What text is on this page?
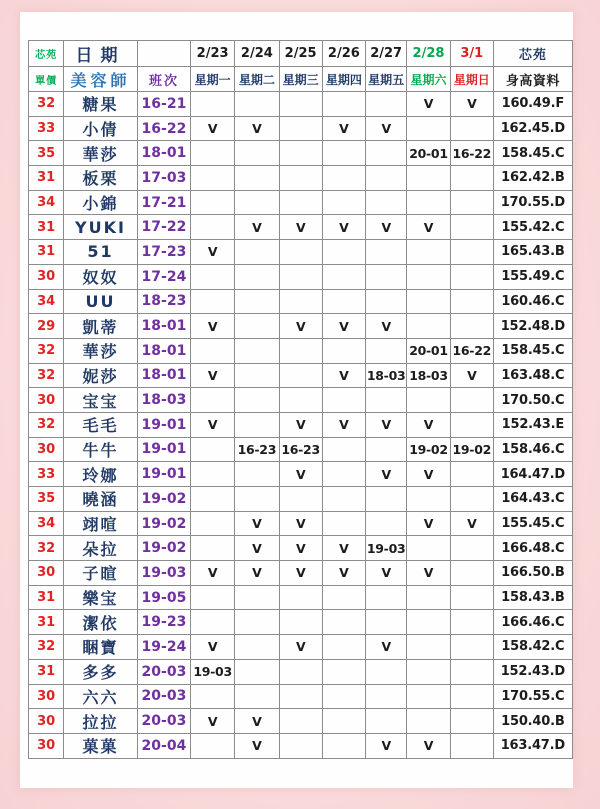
芯苑	日期		2/23	2/24	2/25	2/26	2/27	2/28	3/1	芯苑
單價	美容師	班次	星期一	星期二	星期三	星期四	星期五	星期六	星期日	身高資料
32	糖果	16-21						V	V	160.49.F
33	小倩	16-22	V	V		V	V			162.45.D
35	華莎	18-01						20-01	16-22	158.45.C
31	板栗	17-03								162.42.B
34	小錦	17-21								170.55.D
31	YUKI	17-22		V	V	V	V	V		155.42.C
31	51	17-23	V							165.43.B
30	奴奴	17-24								155.49.C
34	UU	18-23								160.46.C
29	凱蒂	18-01	V		V	V	V			152.48.D
32	華莎	18-01						20-01	16-22	158.45.C
32	妮莎	18-01	V			V	18-03	18-03	V	163.48.C
30	宝宝	18-03								170.50.C
32	毛毛	19-01	V		V	V	V	V		152.43.E
30	牛牛	19-01		16-23	16-23			19-02	19-02	158.46.C
33	玲娜	19-01			V		V	V		164.47.D
35	曉涵	19-02								164.43.C
34	翊喧	19-02		V	V			V	V	155.45.C
32	朵拉	19-02		V	V	V	19-03			166.48.C
30	子暄	19-03	V	V	V	V	V	V		166.50.B
31	樂宝	19-05								158.43.B
31	潔依	19-23								166.46.C
32	睏寶	19-24	V		V		V			158.42.C
31	多多	20-03	19-03							152.43.D
30	六六	20-03								170.55.C
30	拉拉	20-03	V	V						150.40.B
30	菓菓	20-04		V			V	V		163.47.D
